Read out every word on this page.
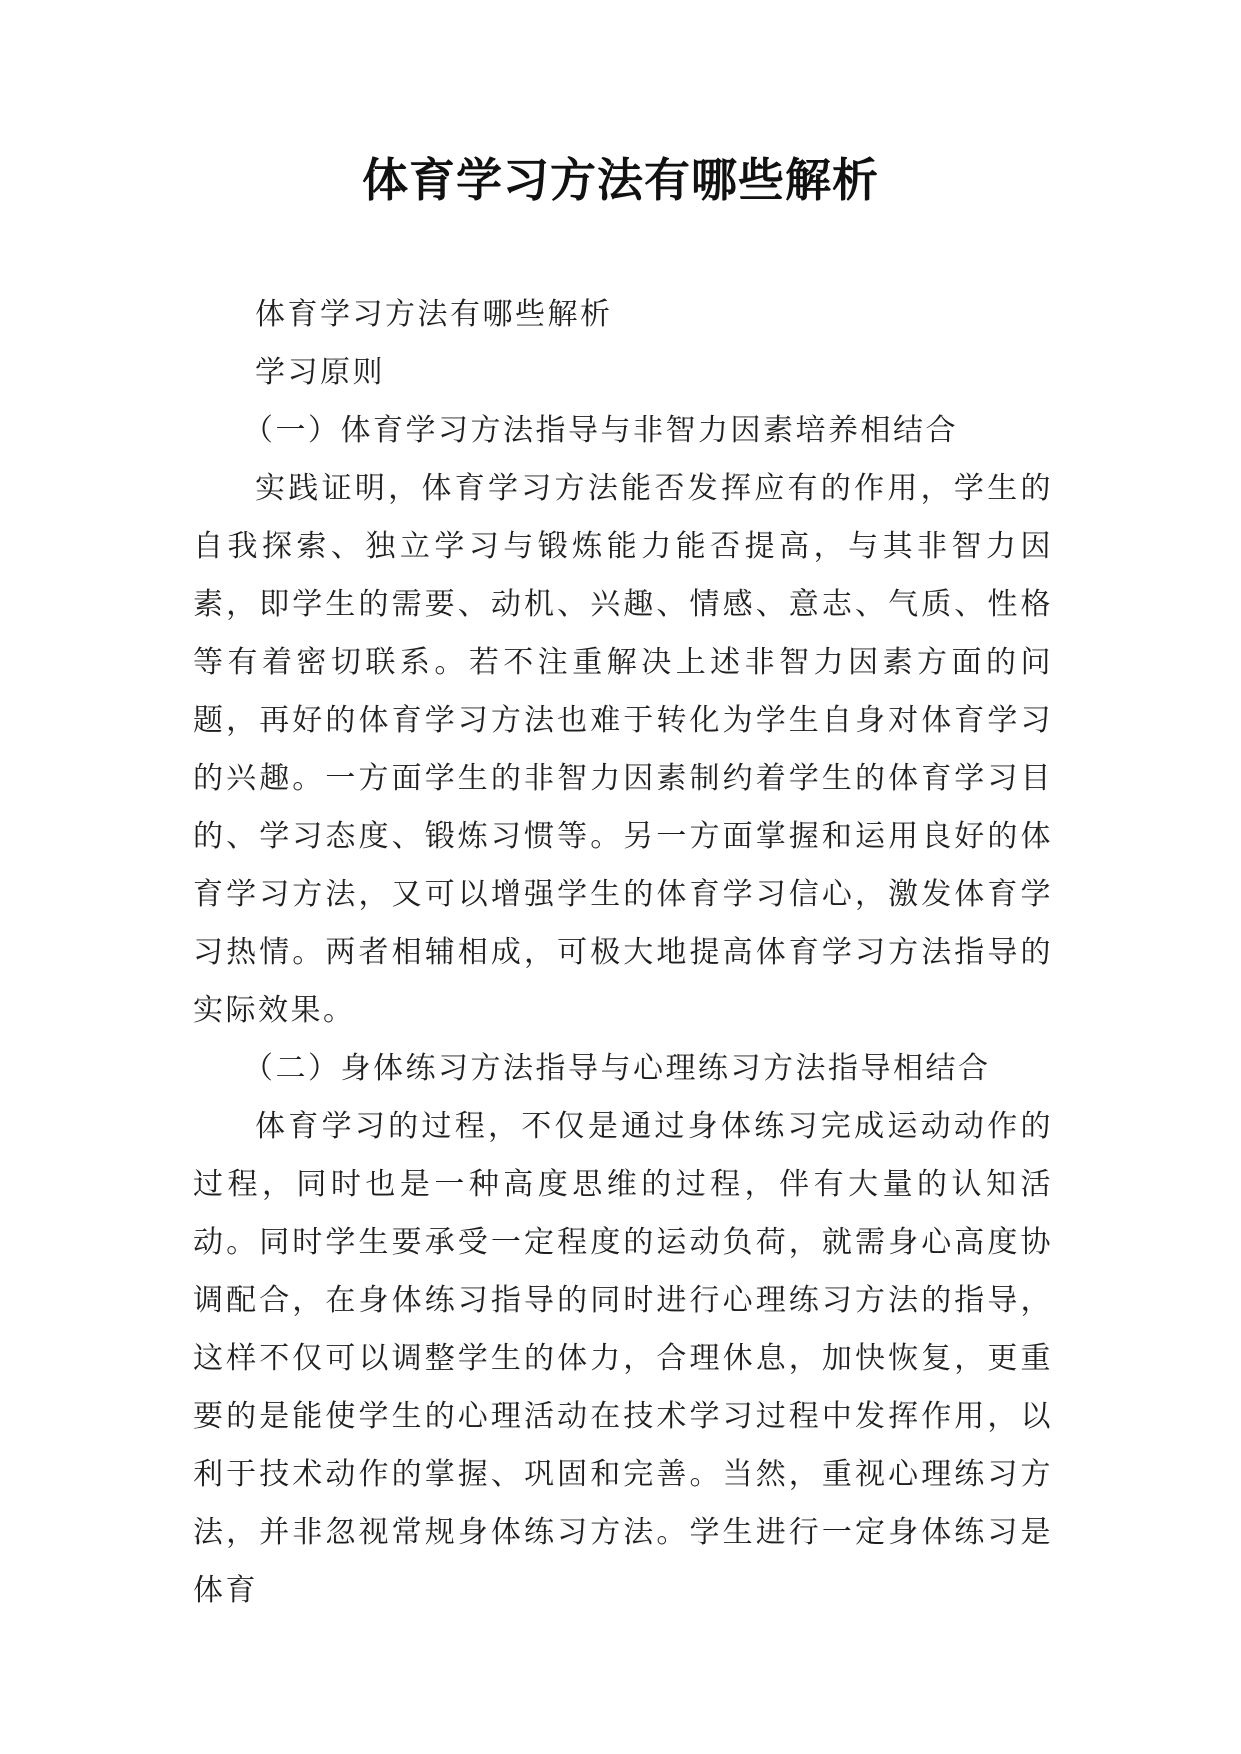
体育学习方法有哪些解析

体育学习方法有哪些解析

学习原则

（一）体育学习方法指导与非智力因素培养相结合

实践证明，体育学习方法能否发挥应有的作用，学生的自我探索、独立学习与锻炼能力能否提高，与其非智力因素，即学生的需要、动机、兴趣、情感、意志、气质、性格等有着密切联系。若不注重解决上述非智力因素方面的问题，再好的体育学习方法也难于转化为学生自身对体育学习的兴趣。一方面学生的非智力因素制约着学生的体育学习目的、学习态度、锻炼习惯等。另一方面掌握和运用良好的体育学习方法，又可以增强学生的体育学习信心，激发体育学习热情。两者相辅相成，可极大地提高体育学习方法指导的实际效果。

（二）身体练习方法指导与心理练习方法指导相结合

体育学习的过程，不仅是通过身体练习完成运动动作的过程，同时也是一种高度思维的过程，伴有大量的认知活动。同时学生要承受一定程度的运动负荷，就需身心高度协调配合，在身体练习指导的同时进行心理练习方法的指导，这样不仅可以调整学生的体力，合理休息，加快恢复，更重要的是能使学生的心理活动在技术学习过程中发挥作用，以利于技术动作的掌握、巩固和完善。当然，重视心理练习方法，并非忽视常规身体练习方法。学生进行一定身体练习是体育
